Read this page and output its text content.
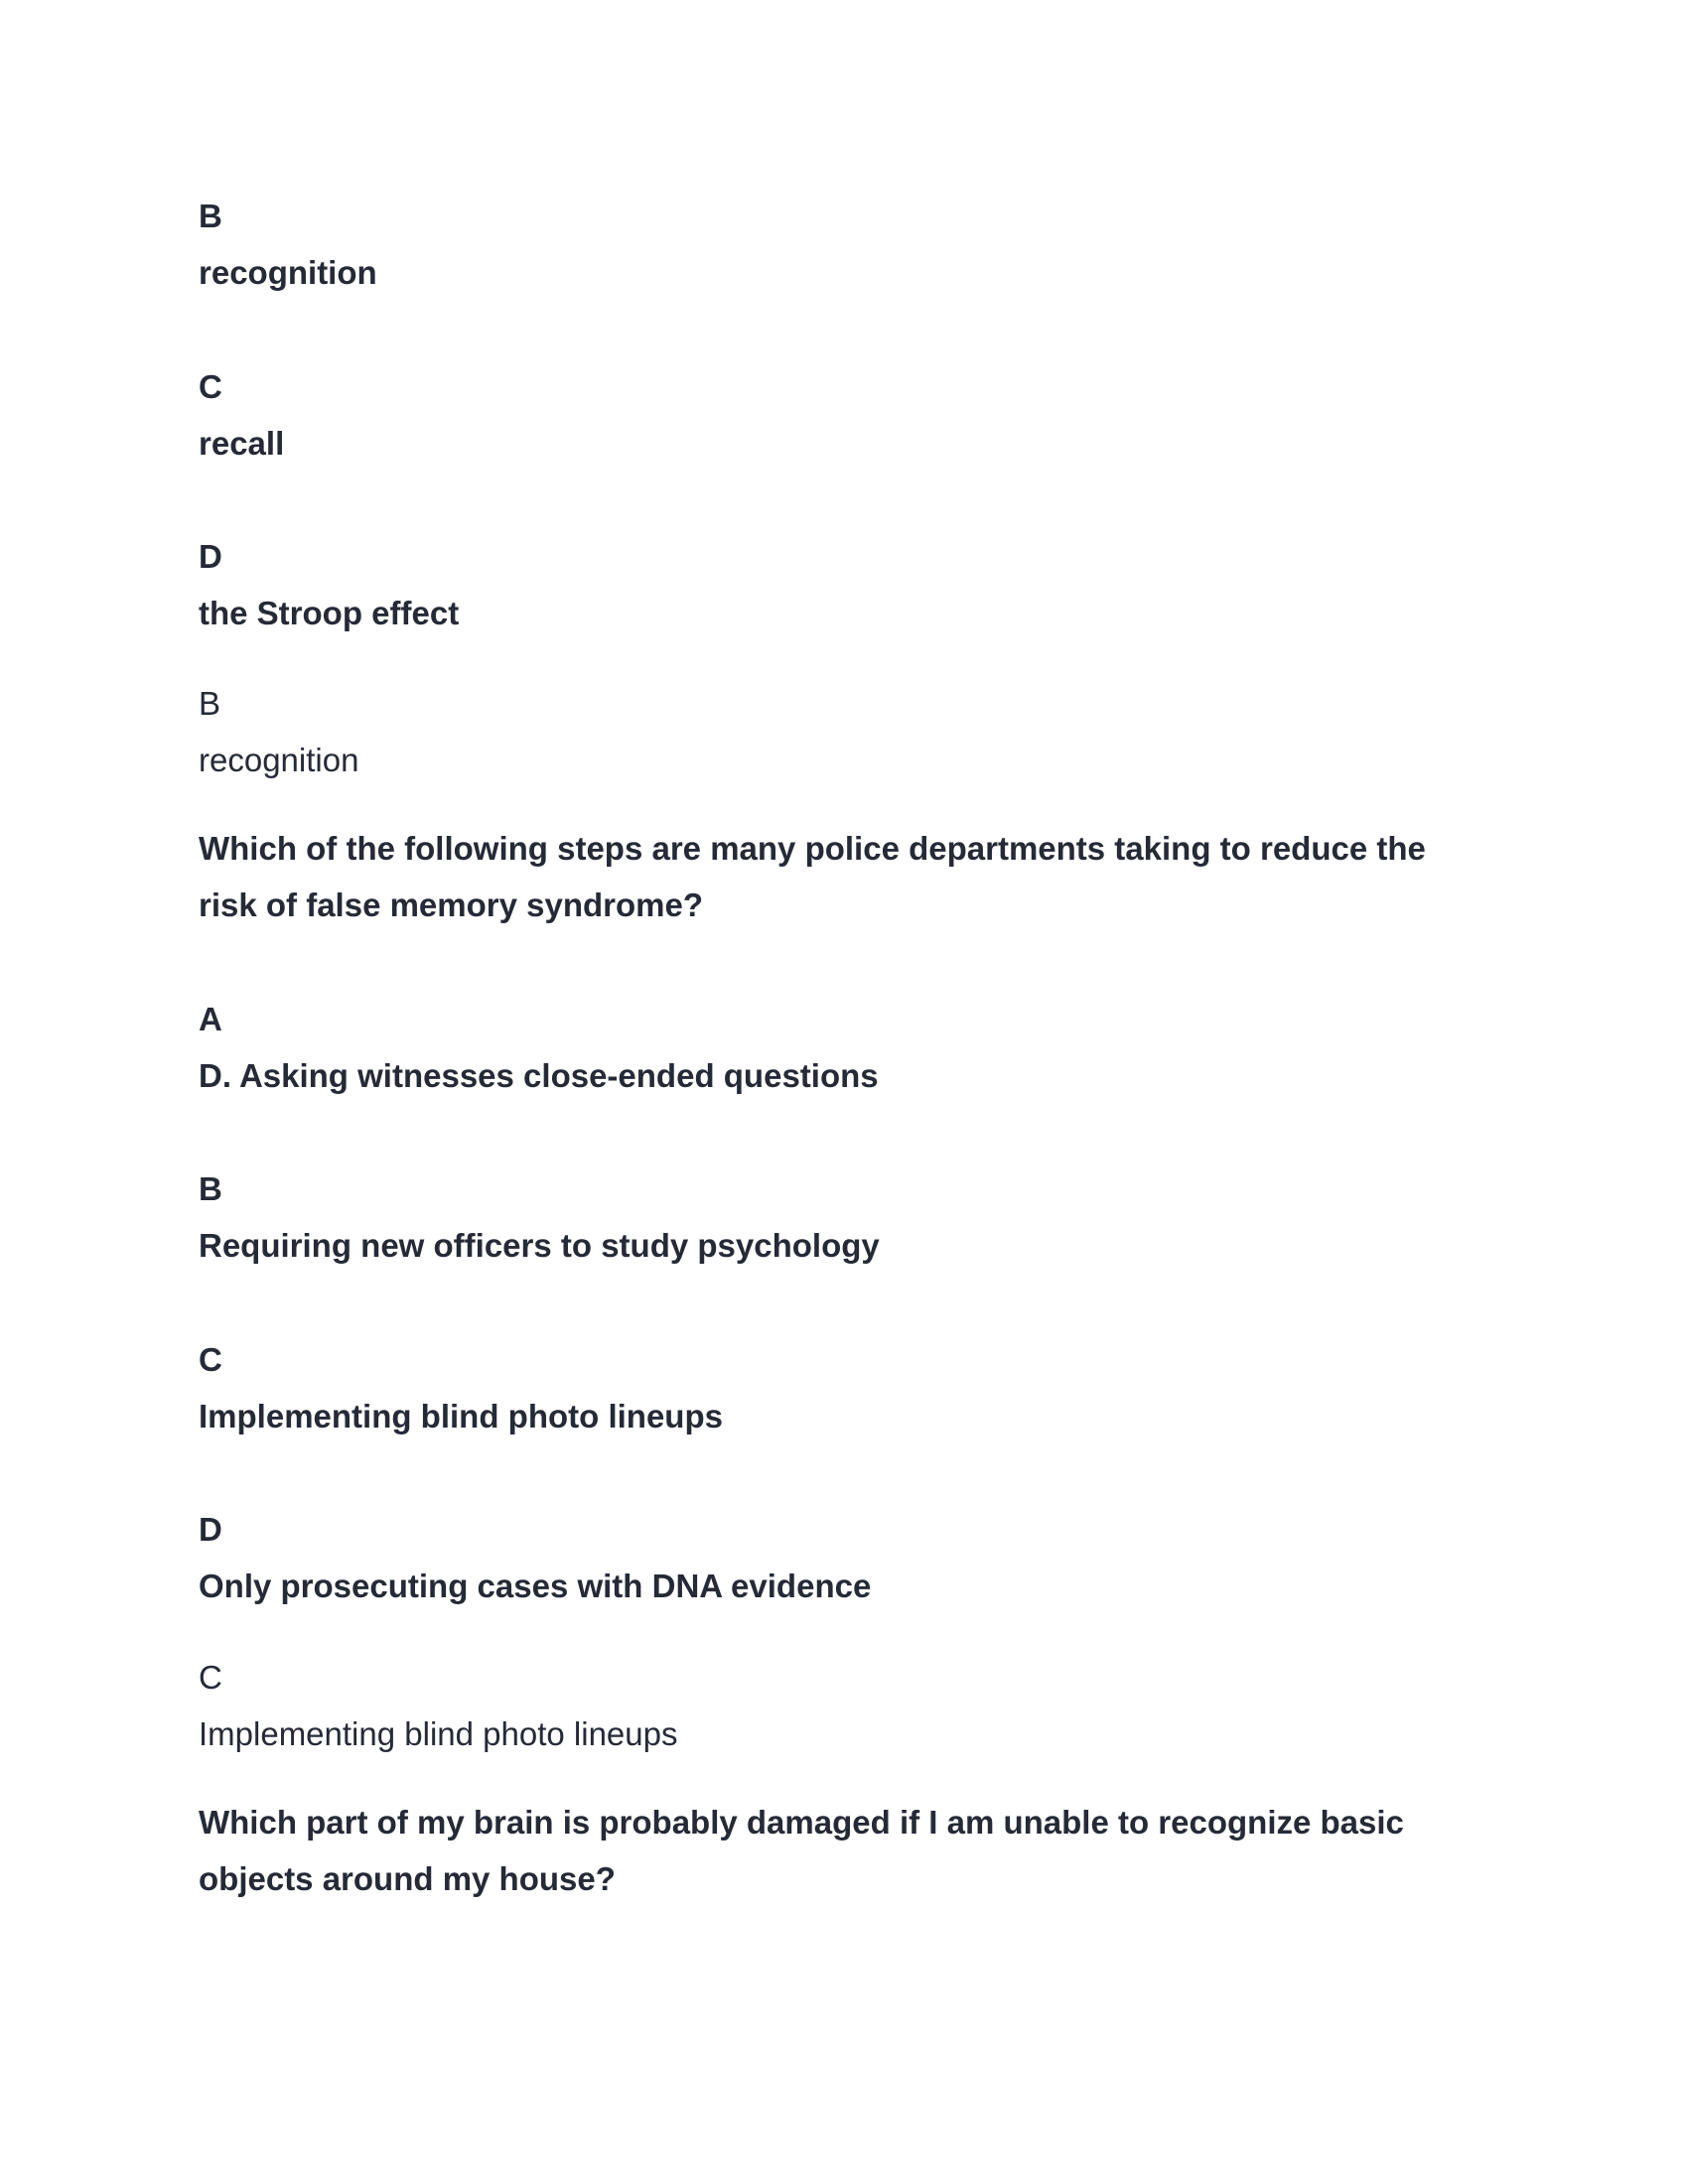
B
recognition
C
recall
D
the Stroop effect
B
recognition
Which of the following steps are many police departments taking to reduce the risk of false memory syndrome?
A
D. Asking witnesses close-ended questions
B
Requiring new officers to study psychology
C
Implementing blind photo lineups
D
Only prosecuting cases with DNA evidence
C
Implementing blind photo lineups
Which part of my brain is probably damaged if I am unable to recognize basic objects around my house?
